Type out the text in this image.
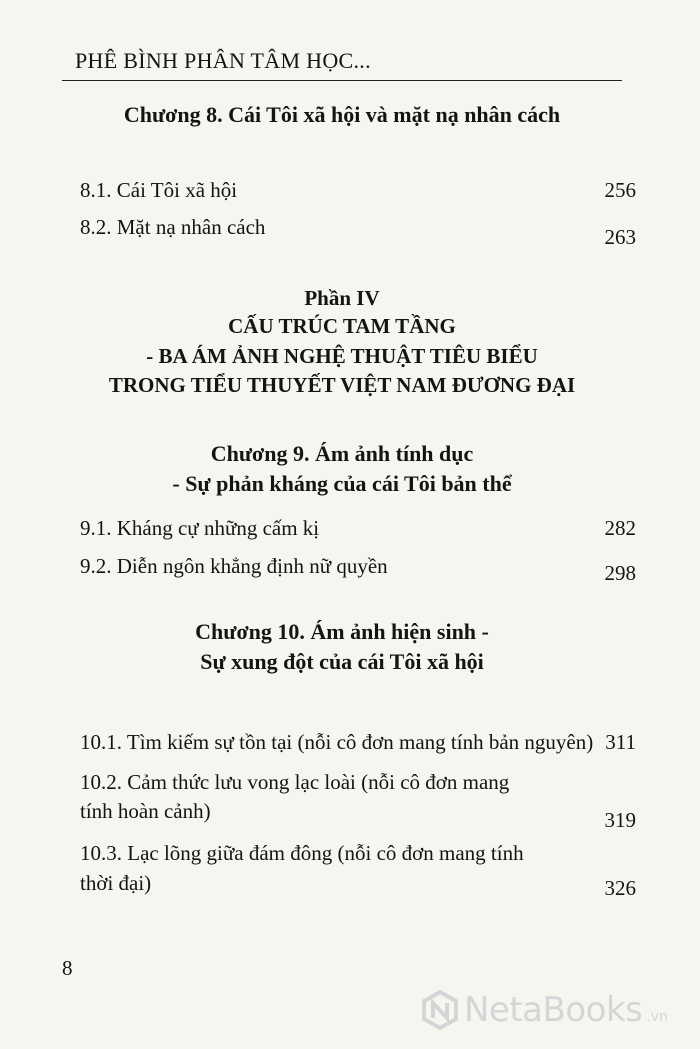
PHÊ BÌNH PHÂN TÂM HỌC...
Chương 8. Cái Tôi xã hội và mặt nạ nhân cách
8.1. Cái Tôi xã hội	256
8.2. Mặt nạ nhân cách	263
Phần IV
CẤU TRÚC TAM TẦNG
- BA ÁM ẢNH NGHỆ THUẬT TIÊU BIỂU
TRONG TIỂU THUYẾT VIỆT NAM ĐƯƠNG ĐẠI
Chương 9. Ám ảnh tính dục
- Sự phản kháng của cái Tôi bản thể
9.1. Kháng cự những cấm kị	282
9.2. Diễn ngôn khẳng định nữ quyền	298
Chương 10. Ám ảnh hiện sinh -
Sự xung đột của cái Tôi xã hội
10.1. Tìm kiếm sự tồn tại (nỗi cô đơn mang tính bản nguyên) 311
10.2. Cảm thức lưu vong lạc loài (nỗi cô đơn mang
tính hoàn cảnh)	319
10.3. Lạc lõng giữa đám đông (nỗi cô đơn mang tính
thời đại)	326
8
NetaBooks .vn
